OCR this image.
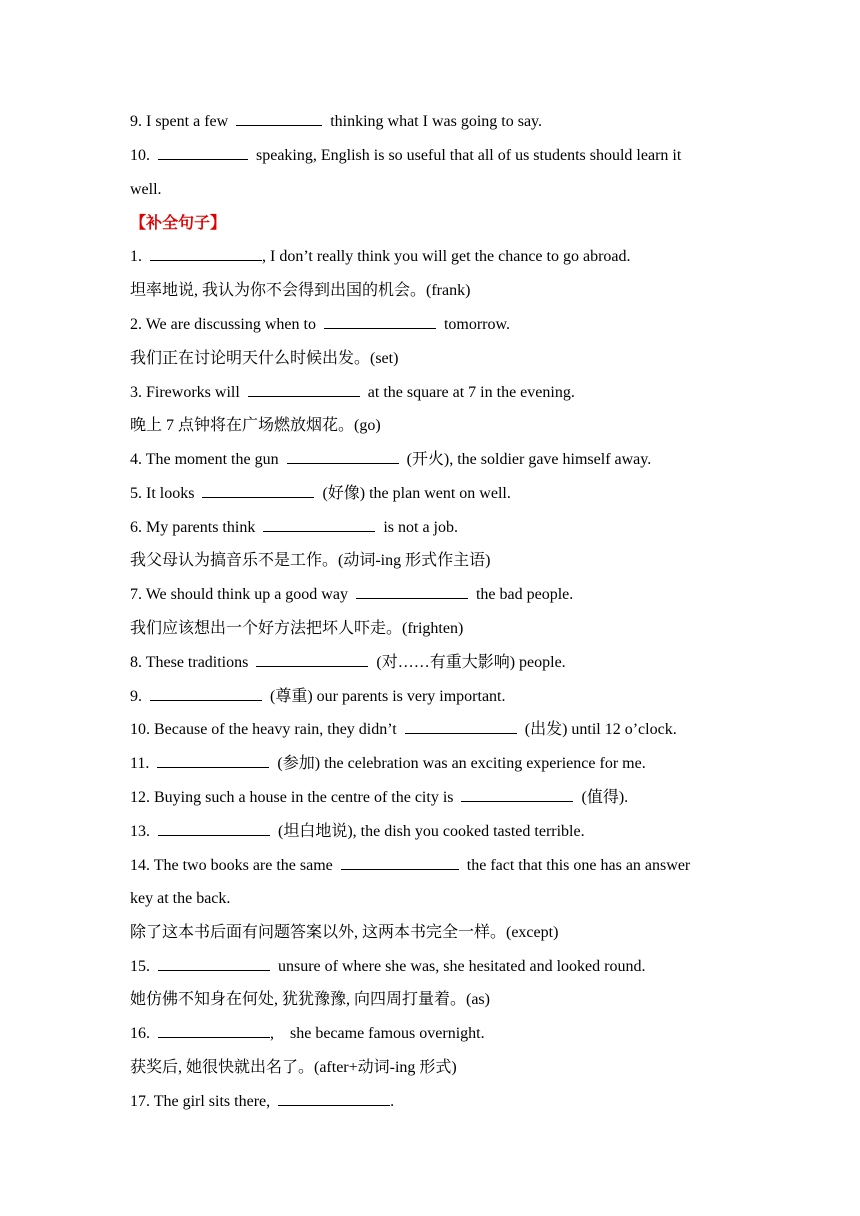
9. I spent a few	thinking what I was going to say.
10.	speaking, English is so useful that all of us students should learn it
well.
【补全句子】
1.	, I don’t really think you will get the chance to go abroad.
坦率地说, 我认为你不会得到出国的机会。(frank)
2. We are discussing when to	tomorrow.
我们正在讨论明天什么时候出发。(set)
3. Fireworks will	at the square at 7 in the evening.
晚上 7 点钟将在广场燃放烟花。(go)
4. The moment the gun	(开火), the soldier gave himself away.
5. It looks	(好像) the plan went on well.
6. My parents think	is not a job.
我父母认为搞音乐不是工作。(动词-ing 形式作主语)
7. We should think up a good way	the bad people.
我们应该想出一个好方法把坏人吓走。(frighten)
8. These traditions	(对……有重大影响) people.
9.	(尊重) our parents is very important.
10. Because of the heavy rain, they didn’t	(出发) until 12 o’clock.
11.	(参加) the celebration was an exciting experience for me.
12. Buying such a house in the centre of the city is	(值得).
13.	(坦白地说), the dish you cooked tasted terrible.
14. The two books are the same	the fact that this one has an answer
key at the back.
除了这本书后面有问题答案以外, 这两本书完全一样。(except)
15.	unsure of where she was, she hesitated and looked round.
她仿佛不知身在何处, 犹犹豫豫, 向四周打量着。(as)
16.	,    she became famous overnight.
获奖后, 她很快就出名了。(after+动词-ing 形式)
17. The girl sits there,	.
